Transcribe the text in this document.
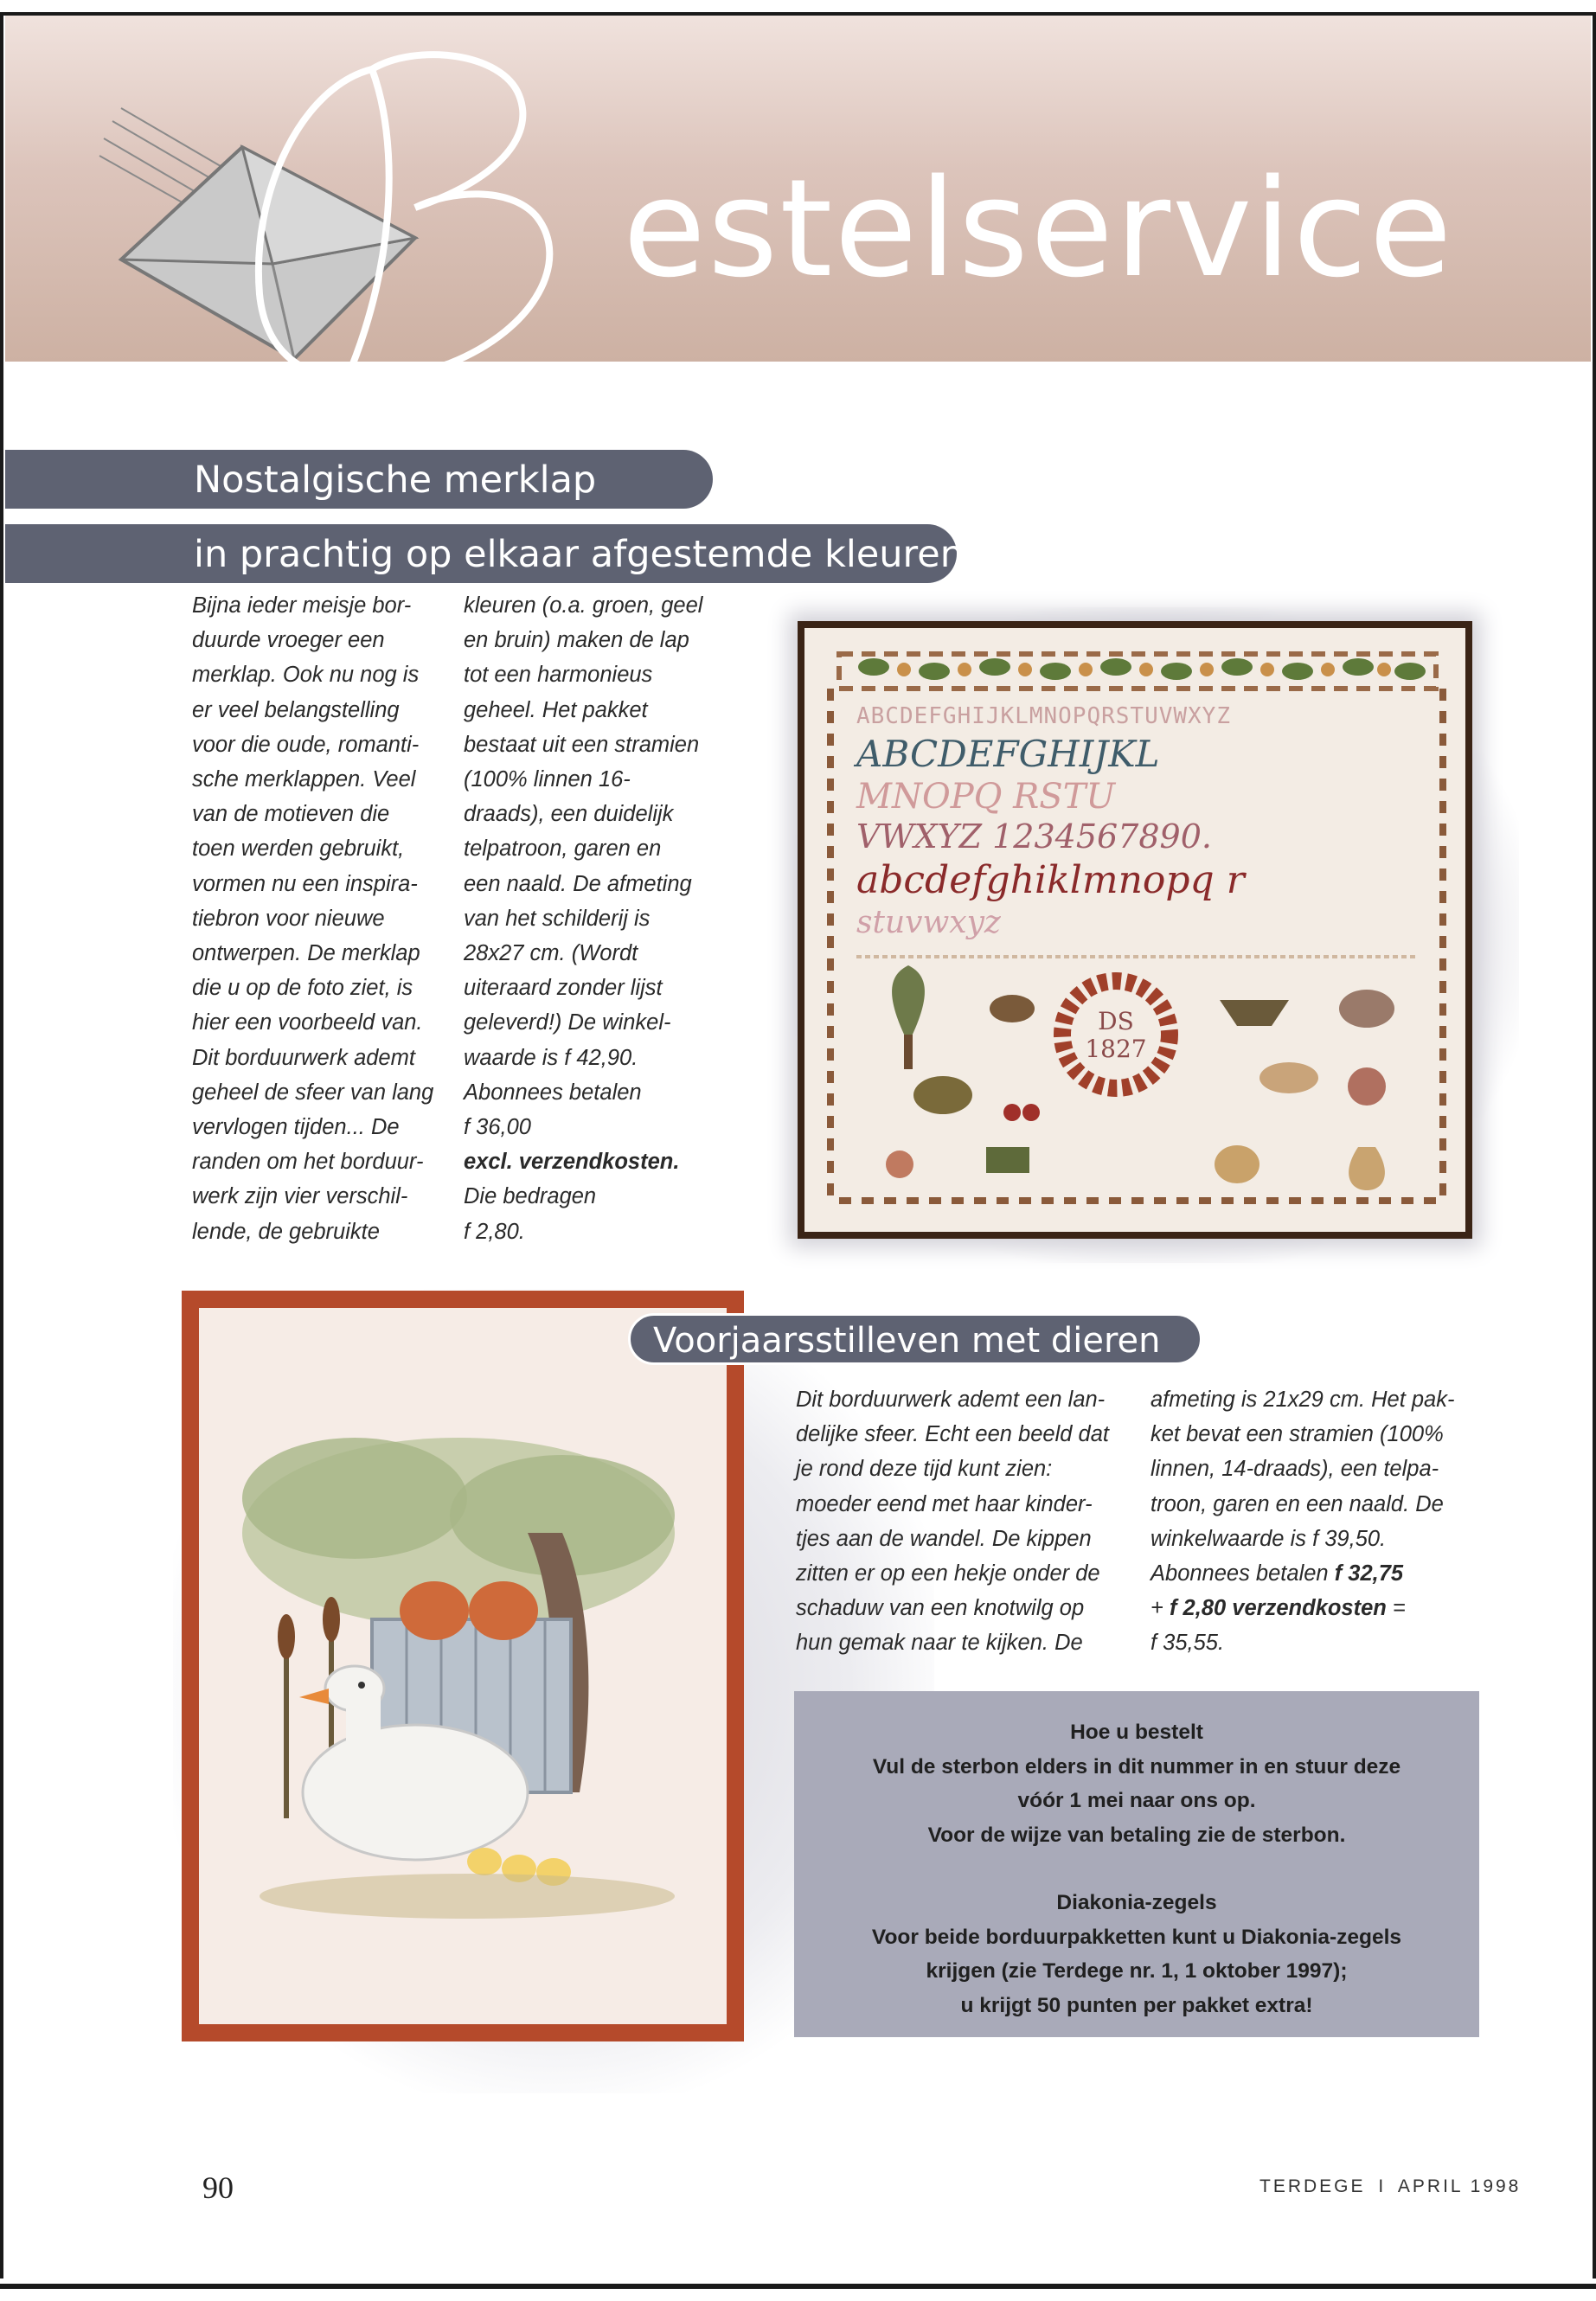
estelservice
Nostalgische merklap
in prachtig op elkaar afgestemde kleuren

Bijna ieder meisje bor-

duurde vroeger een

merklap. Ook nu nog is

er veel belangstelling

voor die oude, romanti-

sche merklappen. Veel

van de motieven die

toen werden gebruikt,

vormen nu een inspira-

tiebron voor nieuwe

ontwerpen. De merklap

die u op de foto ziet, is

hier een voorbeeld van.

Dit borduurwerk ademt

geheel de sfeer van lang

vervlogen tijden... De

randen om het borduur-

werk zijn vier verschil-

lende, de gebruikte

kleuren (o.a. groen, geel

en bruin) maken de lap

tot een harmonieus

geheel. Het pakket

bestaat uit een stramien

(100% linnen 16-

draads), een duidelijk

telpatroon, garen en

een naald. De afmeting

van het schilderij is

28x27 cm. (Wordt

uiteraard zonder lijst

geleverd!) De winkel-

waarde is f 42,90.

Abonnees betalen

f 36,00

excl. verzendkosten.

Die bedragen

f 2,80.

ABCDEFGHIJKLMNOPQRSTUVWXYZ
ABCDEFGHIJKL
MNOPQ RSTU
VWXYZ 1234567890.
abcdefghiklmnopq r
stuvwxyz
DS
1827
Voorjaarsstilleven met dieren

Dit borduurwerk ademt een lan-

delijke sfeer. Echt een beeld dat

je rond deze tijd kunt zien:

moeder eend met haar kinder-

tjes aan de wandel. De kippen

zitten er op een hekje onder de

schaduw van een knotwilg op

hun gemak naar te kijken. De

afmeting is 21x29 cm. Het pak-

ket bevat een stramien (100%

linnen, 14-draads), een telpa-

troon, garen en een naald. De

winkelwaarde is f 39,50.

Abonnees betalen f 32,75

+ f 2,80 verzendkosten =

f 35,55.

Hoe u bestelt

Vul de sterbon elders in dit nummer in en stuur deze

vóór 1 mei naar ons op.

Voor de wijze van betaling zie de sterbon.

Diakonia-zegels

Voor beide borduurpakketten kunt u Diakonia-zegels

krijgen (zie Terdege nr. 1, 1 oktober 1997);

u krijgt 50 punten per pakket extra!

90	TERDEGE I APRIL 1998
